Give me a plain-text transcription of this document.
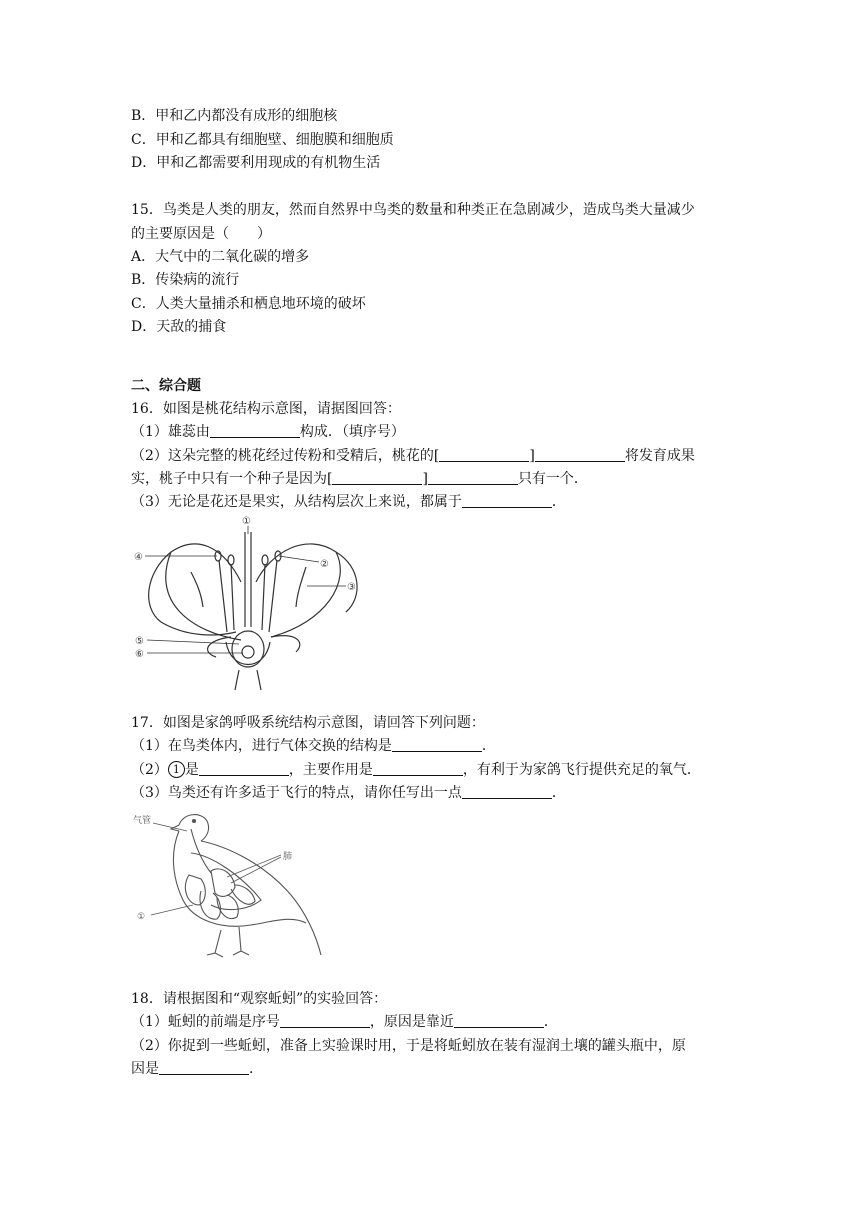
B．甲和乙内都没有成形的细胞核
C．甲和乙都具有细胞壁、细胞膜和细胞质
D．甲和乙都需要利用现成的有机物生活
15．鸟类是人类的朋友，然而自然界中鸟类的数量和种类正在急剧减少，造成鸟类大量减少
的主要原因是（　　）
A．大气中的二氧化碳的增多
B．传染病的流行
C．人类大量捕杀和栖息地环境的破坏
D．天敌的捕食
二、综合题
16．如图是桃花结构示意图，请据图回答：
（1）雄蕊由	构成．（填序号）
（2）这朵完整的桃花经过传粉和受精后，桃花的[	]	将发育成果
实，桃子中只有一个种子是因为[	]	只有一个．
（3）无论是花还是果实，从结构层次上来说，都属于	．
①
④
②
③
⑤
⑥
17．如图是家鸽呼吸系统结构示意图，请回答下列问题：
（1）在鸟类体内，进行气体交换的结构是	．
（2） 1 是	，主要作用是	，有利于为家鸽飞行提供充足的氧气．
（3）鸟类还有许多适于飞行的特点，请你任写出一点	．
气管
肺
①
18．请根据图和“观察蚯蚓”的实验回答：
（1）蚯蚓的前端是序号	，原因是靠近	．
（2）你捉到一些蚯蚓，准备上实验课时用，于是将蚯蚓放在装有湿润土壤的罐头瓶中，原
因是	．
